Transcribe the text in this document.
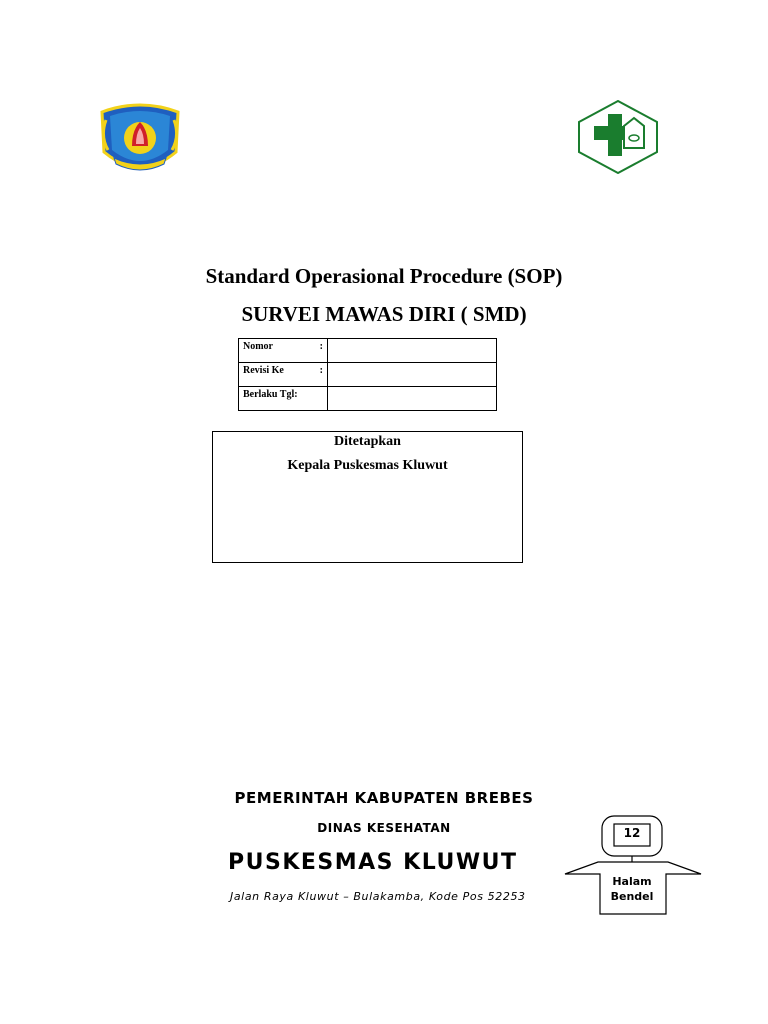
Standard Operasional Procedure (SOP)
SURVEI MAWAS DIRI ( SMD)
Nomor :	

Revisi Ke :	

Berlaku Tgl:

Ditetapkan
Kepala Puskesmas Kluwut
PEMERINTAH KABUPATEN BREBES
DINAS KESEHATAN
PUSKESMAS KLUWUT
Jalan Raya Kluwut – Bulakamba, Kode Pos 52253
12
Halam
Bendel
